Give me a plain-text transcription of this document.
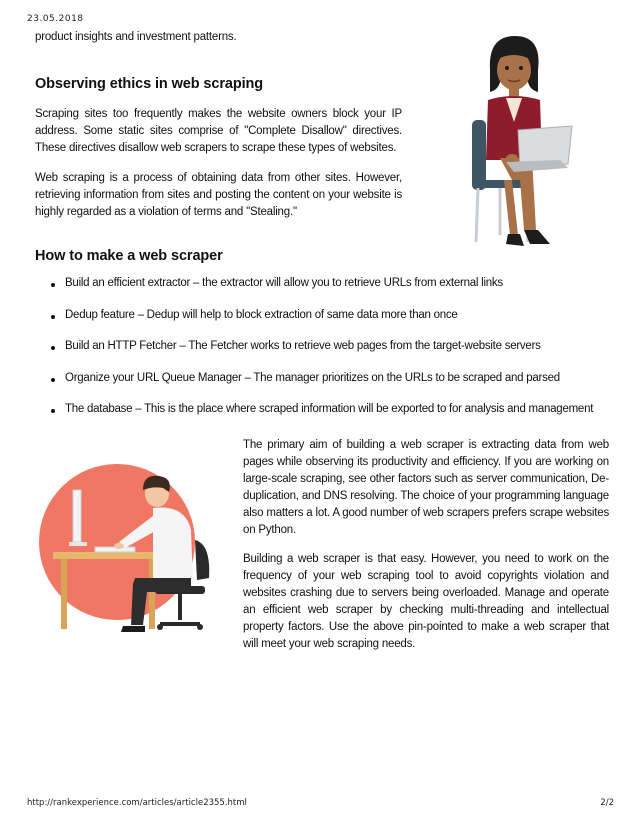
23.05.2018

product insights and investment patterns.

Observing ethics in web scraping

Scraping sites too frequently makes the website owners block your IP address. Some static sites comprise of "Complete Disallow" directives. These directives disallow web scrapers to scrape these types of websites.

Web scraping is a process of obtaining data from other sites. However, retrieving information from sites and posting the content on your website is highly regarded as a violation of terms and "Stealing."

How to make a web scraper
Build an efficient extractor – the extractor will allow you to retrieve URLs from external links
Dedup feature – Dedup will help to block extraction of same data more than once
Build an HTTP Fetcher – The Fetcher works to retrieve web pages from the target-website servers
Organize your URL Queue Manager – The manager prioritizes on the URLs to be scraped and parsed
The database – This is the place where scraped information will be exported to for analysis and management

The primary aim of building a web scraper is extracting data from web pages while observing its productivity and efficiency. If you are working on large-scale scraping, see other factors such as server communication, De-duplication, and DNS resolving. The choice of your programming language also matters a lot. A good number of web scrapers prefers scrape websites on Python.

Building a web scraper is that easy. However, you need to work on the frequency of your web scraping tool to avoid copyrights violation and websites crashing due to servers being overloaded. Manage and operate an efficient web scraper by checking multi-threading and intellectual property factors. Use the above pin-pointed to make a web scraper that will meet your web scraping needs.

http://rankexperience.com/articles/article2355.html	2/2
